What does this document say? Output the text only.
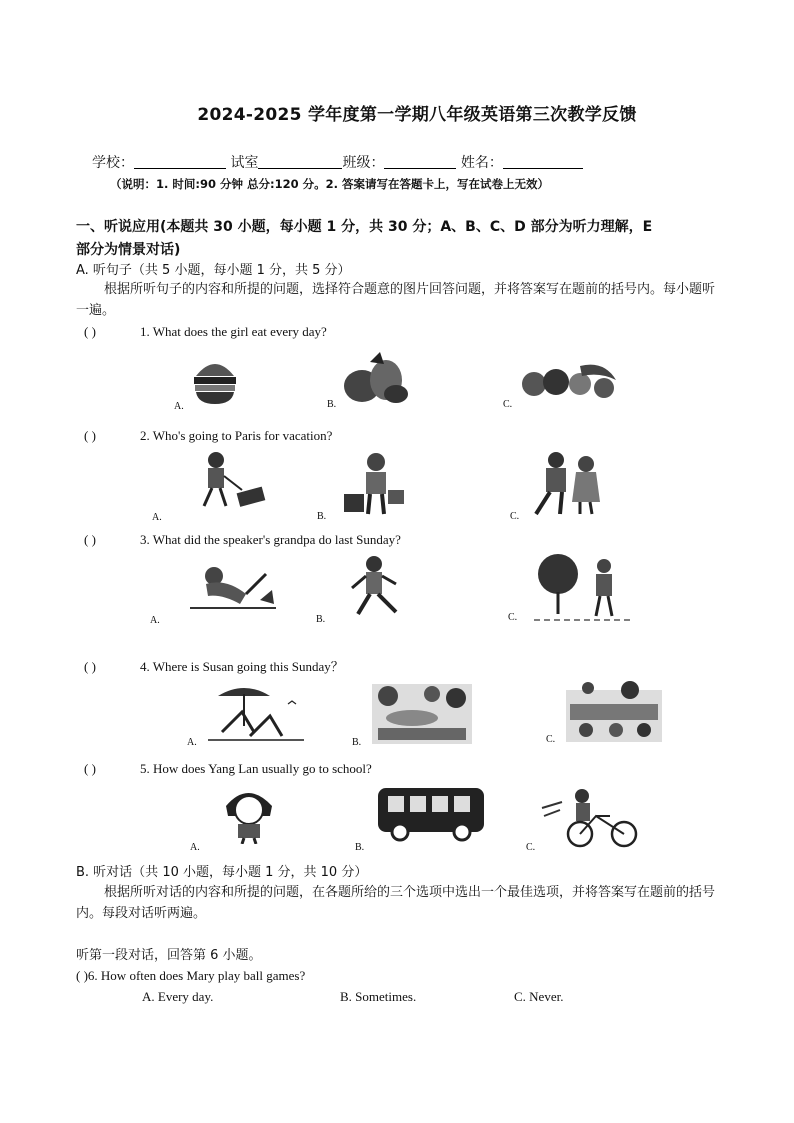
2024-2025 学年度第一学期八年级英语第三次教学反馈
学校：	试室	班级：	姓名：
（说明：1. 时间:90 分钟 总分:120 分。2. 答案请写在答题卡上，写在试卷上无效）
一、听说应用(本题共 30 小题，每小题 1 分，共 30 分；A、B、C、D 部分为听力理解，E 部分为情景对话)
A. 听句子（共 5 小题，每小题 1 分，共 5 分）
根据所听句子的内容和所提的问题，选择符合题意的图片回答问题，并将答案写在题前的括号内。每小题听一遍。
( )	1. What does the girl eat every day?
A.	B.	C.
( )	2. Who's going to Paris for vacation?
A.	B.	C.
( )	3. What did the speaker's grandpa do last Sunday?
A.	B.	C.
( )	4. Where is Susan going this Sunday？
A.	B.	C.
( )	5. How does Yang Lan usually go to school?
A.	B.	C.
B. 听对话（共 10 小题，每小题 1 分，共 10 分）
根据所听对话的内容和所提的问题，在各题所给的三个选项中选出一个最佳选项，并将答案写在题前的括号内。每段对话听两遍。
听第一段对话，回答第 6 小题。
( )6. How often does Mary play ball games?
A. Every day.	B. Sometimes.	C. Never.
